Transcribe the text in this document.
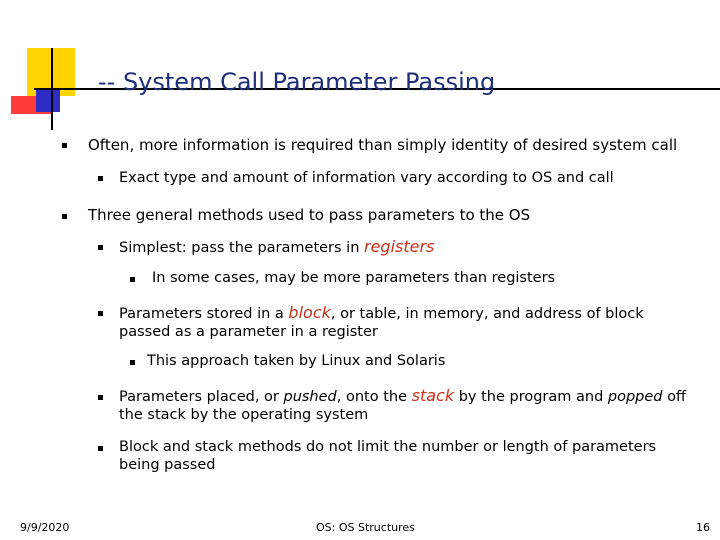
-- System Call Parameter Passing
Often, more information is required than simply identity of desired system call
Exact type and amount of information vary according to OS and call
Three general methods used to pass parameters to the OS
Simplest: pass the parameters in registers
In some cases, may be more parameters than registers
Parameters stored in a block, or table, in memory, and address of block passed as a parameter in a register
This approach taken by Linux and Solaris
Parameters placed, or pushed, onto the stack by the program and popped off the stack by the operating system
Block and stack methods do not limit the number or length of parameters being passed
9/9/2020	OS: OS Structures	16
